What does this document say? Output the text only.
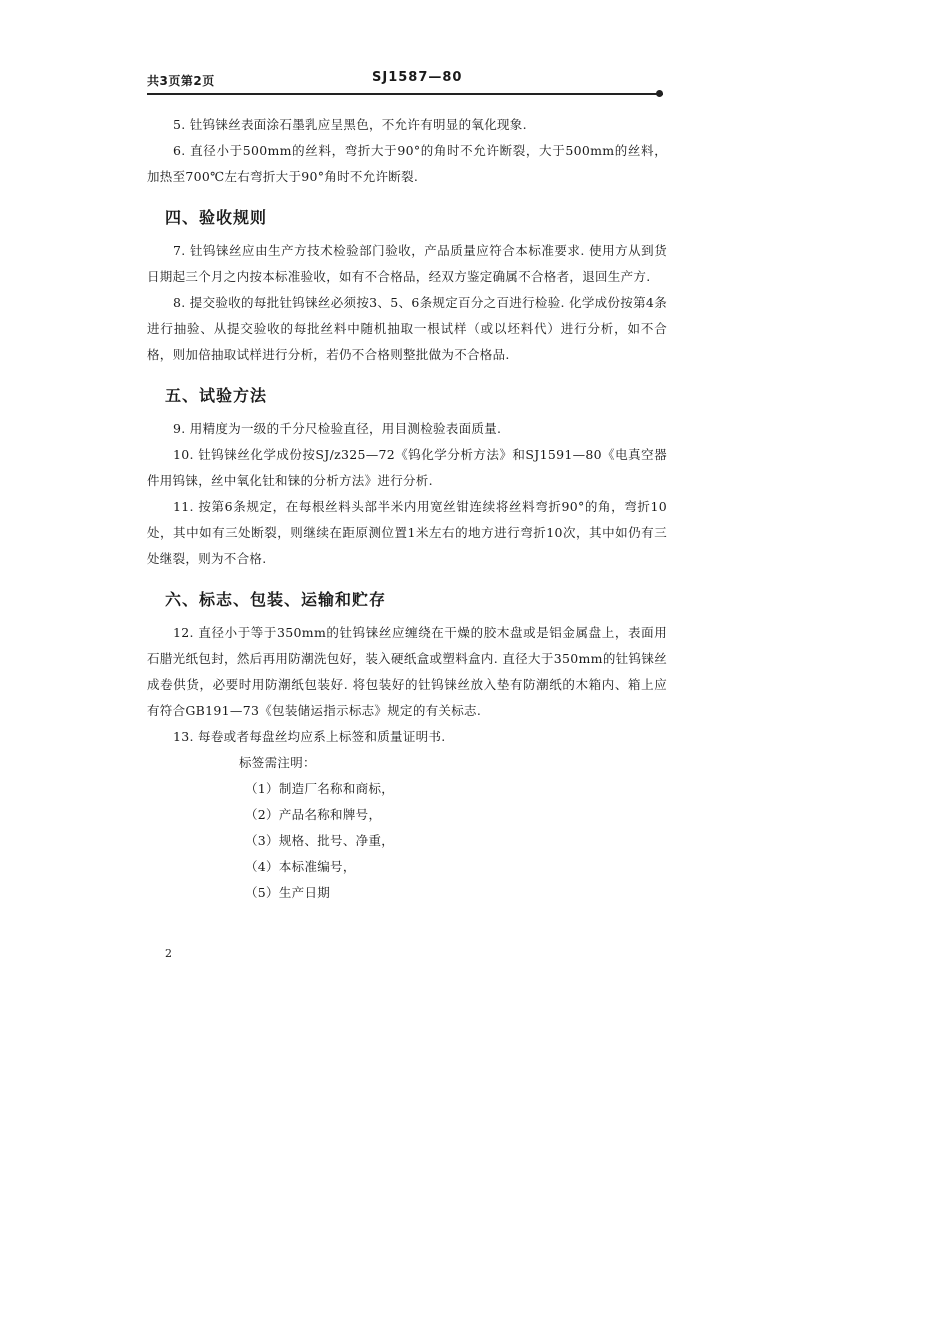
共3页第2页	SJ1587—80

5. 钍钨铼丝表面涂石墨乳应呈黑色，不允许有明显的氧化现象.

6. 直径小于500mm的丝料，弯折大于90°的角时不允许断裂，大于500mm的丝料，加热至700℃左右弯折大于90°角时不允许断裂.

四、验收规则

7. 钍钨铼丝应由生产方技术检验部门验收，产品质量应符合本标准要求. 使用方从到货日期起三个月之内按本标准验收，如有不合格品，经双方鉴定确属不合格者，退回生产方.

8. 提交验收的每批钍钨铼丝必须按3、5、6条规定百分之百进行检验. 化学成份按第4条进行抽验、从提交验收的每批丝料中随机抽取一根试样（或以坯料代）进行分析，如不合格，则加倍抽取试样进行分析，若仍不合格则整批做为不合格品.

五、试验方法

9. 用精度为一级的千分尺检验直径，用目测检验表面质量.

10. 钍钨铼丝化学成份按SJ/z325—72《钨化学分析方法》和SJ1591—80《电真空器件用钨铼，丝中氧化钍和铼的分析方法》进行分析.

11. 按第6条规定，在每根丝料头部半米内用宽丝钳连续将丝料弯折90°的角，弯折10处，其中如有三处断裂，则继续在距原测位置1米左右的地方进行弯折10次，其中如仍有三处继裂，则为不合格.

六、标志、包装、运输和贮存

12. 直径小于等于350mm的钍钨铼丝应缠绕在干燥的胶木盘或是铝金属盘上，表面用石腊光纸包封，然后再用防潮洗包好，装入硬纸盒或塑料盒内. 直径大于350mm的钍钨铼丝成卷供货，必要时用防潮纸包装好. 将包装好的钍钨铼丝放入垫有防潮纸的木箱内、箱上应有符合GB191—73《包装储运指示标志》规定的有关标志.

13. 每卷或者每盘丝均应系上标签和质量证明书.

标签需注明：

（1）制造厂名称和商标，

（2）产品名称和牌号，

（3）规格、批号、净重，

（4）本标准编号，

（5）生产日期

2
